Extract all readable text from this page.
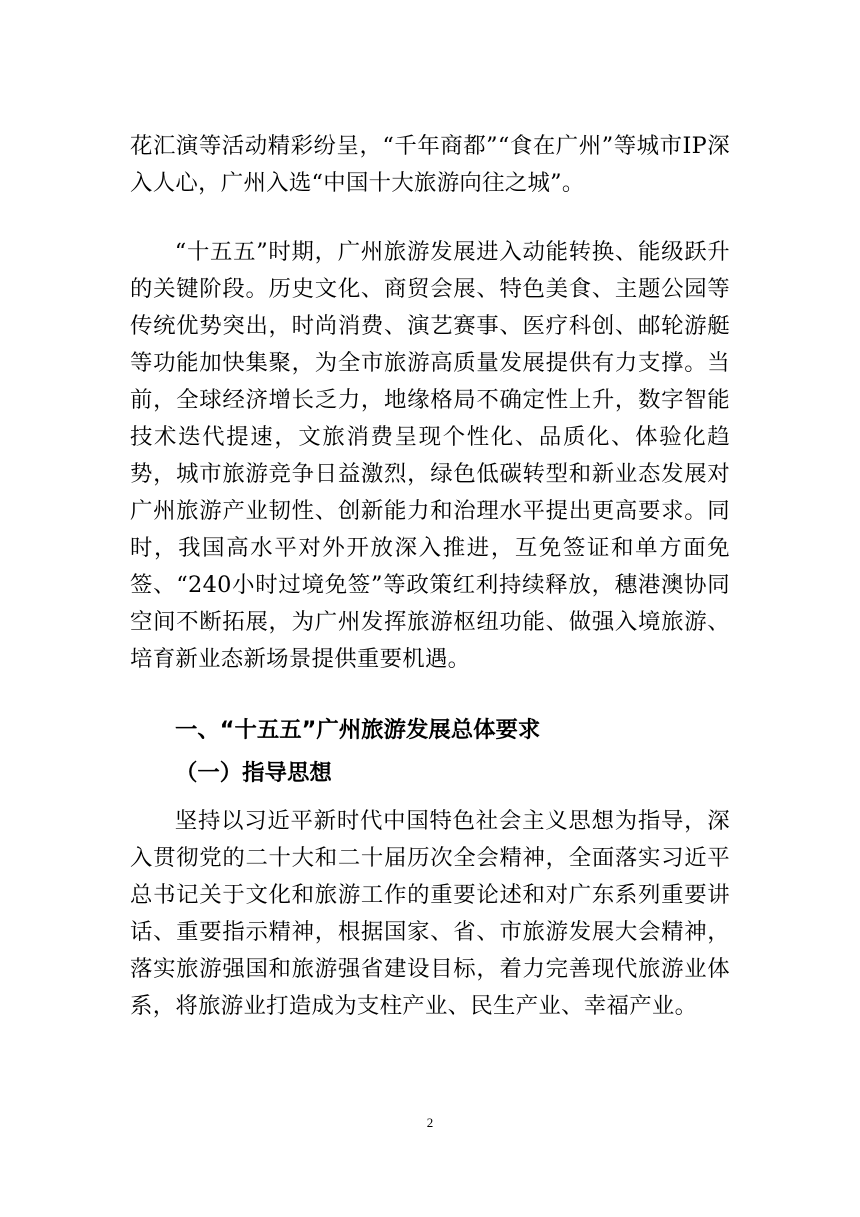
花汇演等活动精彩纷呈，“千年商都”“食在广州”等城市IP深入人心，广州入选“中国十大旅游向往之城”。

“十五五”时期，广州旅游发展进入动能转换、能级跃升的关键阶段。历史文化、商贸会展、特色美食、主题公园等传统优势突出，时尚消费、演艺赛事、医疗科创、邮轮游艇等功能加快集聚，为全市旅游高质量发展提供有力支撑。当前，全球经济增长乏力，地缘格局不确定性上升，数字智能技术迭代提速，文旅消费呈现个性化、品质化、体验化趋势，城市旅游竞争日益激烈，绿色低碳转型和新业态发展对广州旅游产业韧性、创新能力和治理水平提出更高要求。同时，我国高水平对外开放深入推进，互免签证和单方面免签、“240小时过境免签”等政策红利持续释放，穗港澳协同空间不断拓展，为广州发挥旅游枢纽功能、做强入境旅游、培育新业态新场景提供重要机遇。

一、“十五五”广州旅游发展总体要求
（一）指导思想

坚持以习近平新时代中国特色社会主义思想为指导，深入贯彻党的二十大和二十届历次全会精神，全面落实习近平总书记关于文化和旅游工作的重要论述和对广东系列重要讲话、重要指示精神，根据国家、省、市旅游发展大会精神，落实旅游强国和旅游强省建设目标，着力完善现代旅游业体系，将旅游业打造成为支柱产业、民生产业、幸福产业。

2
